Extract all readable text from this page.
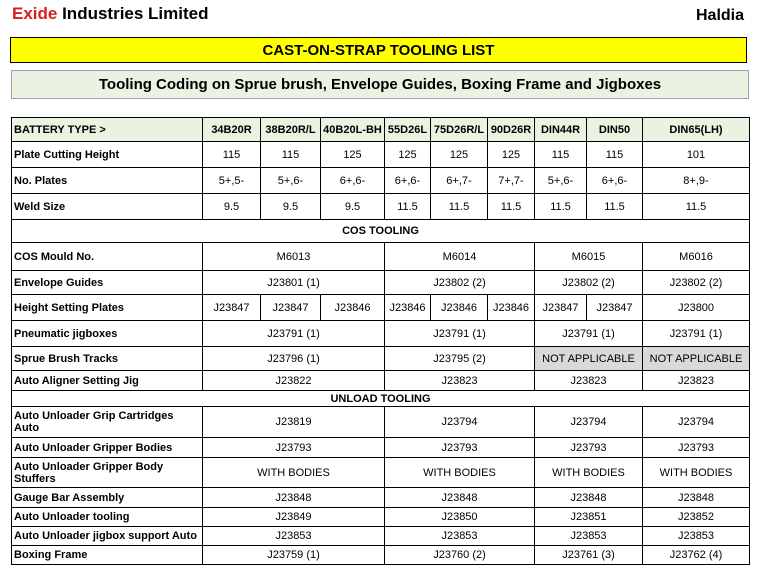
Exide Industries Limited	Haldia
CAST-ON-STRAP TOOLING LIST
Tooling Coding on Sprue brush, Envelope Guides, Boxing Frame and Jigboxes
BATTERY TYPE >	34B20R	38B20R/L	40B20L-BH	55D26L	75D26R/L	90D26R	DIN44R	DIN50	DIN65(LH)
Plate Cutting Height	115	115	125	125	125	125	115	115	101
No. Plates	5+,5-	5+,6-	6+,6-	6+,6-	6+,7-	7+,7-	5+,6-	6+,6-	8+,9-
Weld Size	9.5	9.5	9.5	11.5	11.5	11.5	11.5	11.5	11.5
COS TOOLING									
COS Mould No.	M6013			M6014			M6015		M6016
Envelope Guides	J23801 (1)			J23802 (2)			J23802 (2)		J23802 (2)
Height Setting Plates	J23847	J23847	J23846	J23846	J23846	J23846	J23847	J23847	J23800
Pneumatic jigboxes	J23791 (1)			J23791 (1)			J23791 (1)		J23791 (1)
Sprue Brush Tracks	J23796 (1)			J23795 (2)			NOT APPLICABLE		NOT APPLICABLE
Auto Aligner Setting Jig	J23822			J23823			J23823		J23823
UNLOAD TOOLING									
Auto Unloader Grip Cartridges Auto	J23819			J23794			J23794		J23794
Auto Unloader Gripper Bodies	J23793			J23793			J23793		J23793
Auto Unloader Gripper Body Stuffers	WITH BODIES			WITH BODIES			WITH BODIES		WITH BODIES
Gauge Bar Assembly	J23848			J23848			J23848		J23848
Auto Unloader tooling	J23849			J23850			J23851		J23852
Auto Unloader jigbox support Auto	J23853			J23853			J23853		J23853
Boxing Frame	J23759 (1)			J23760 (2)			J23761 (3)		J23762 (4)
